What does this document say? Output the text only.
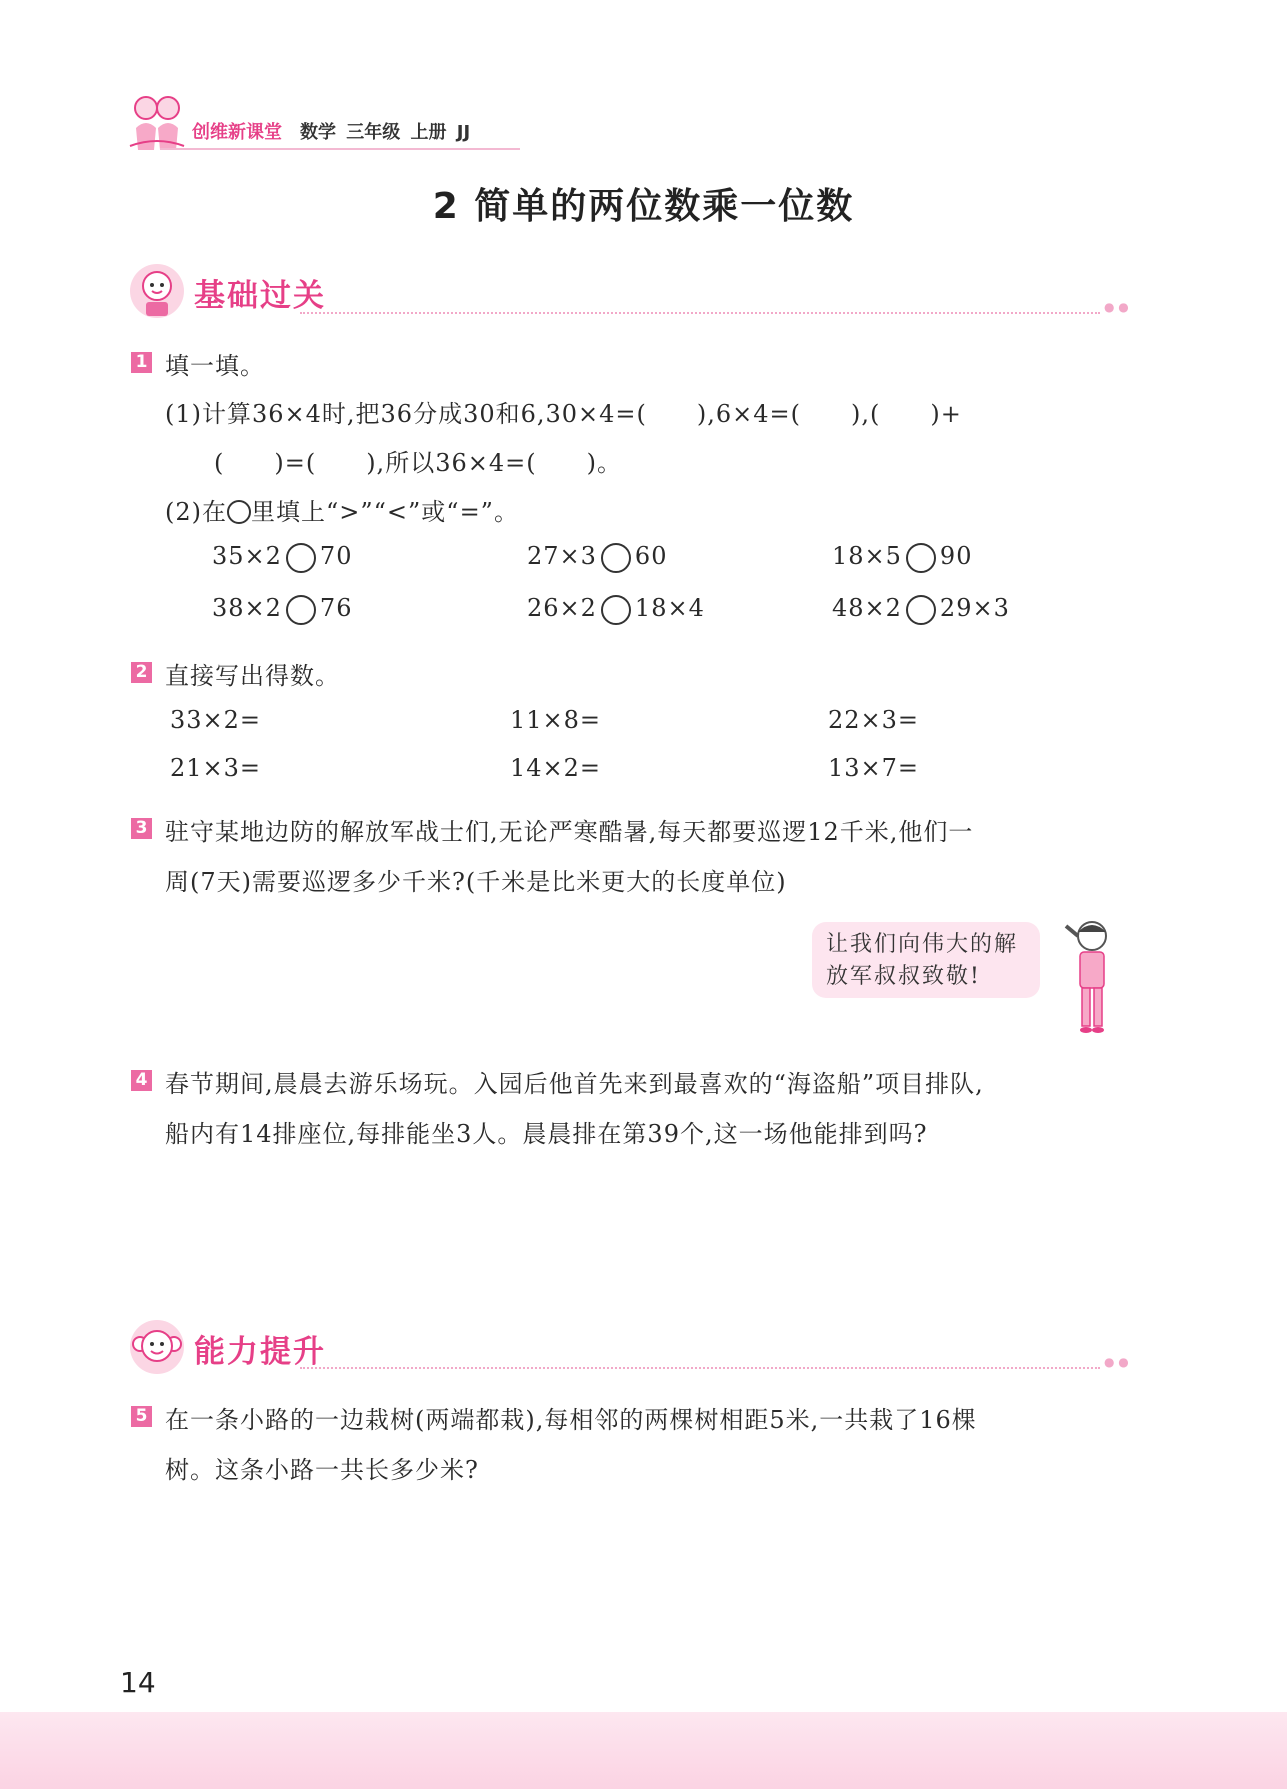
创维新课堂 数学 三年级 上册 JJ
2 简单的两位数乘一位数
基础过关	● ●
1 填一填。
(1)计算36×4时,把36分成30和6,30×4=(　　),6×4=(　　),(　　)+
(　　)=(　　),所以36×4=(　　)。
(2)在 里填上“>”“<”或“=”。
35×2 70	27×3 60	18×5 90
38×2 76	26×2 18×4	48×2 29×3
2 直接写出得数。
33×2=	11×8=	22×3=
21×3=	14×2=	13×7=
3 驻守某地边防的解放军战士们,无论严寒酷暑,每天都要巡逻12千米,他们一
周(7天)需要巡逻多少千米?(千米是比米更大的长度单位)
让我们向伟大的解
放军叔叔致敬!
4 春节期间,晨晨去游乐场玩。入园后他首先来到最喜欢的“海盗船”项目排队,
船内有14排座位,每排能坐3人。晨晨排在第39个,这一场他能排到吗?
能力提升	● ●
5 在一条小路的一边栽树(两端都栽),每相邻的两棵树相距5米,一共栽了16棵
树。这条小路一共长多少米?
14
